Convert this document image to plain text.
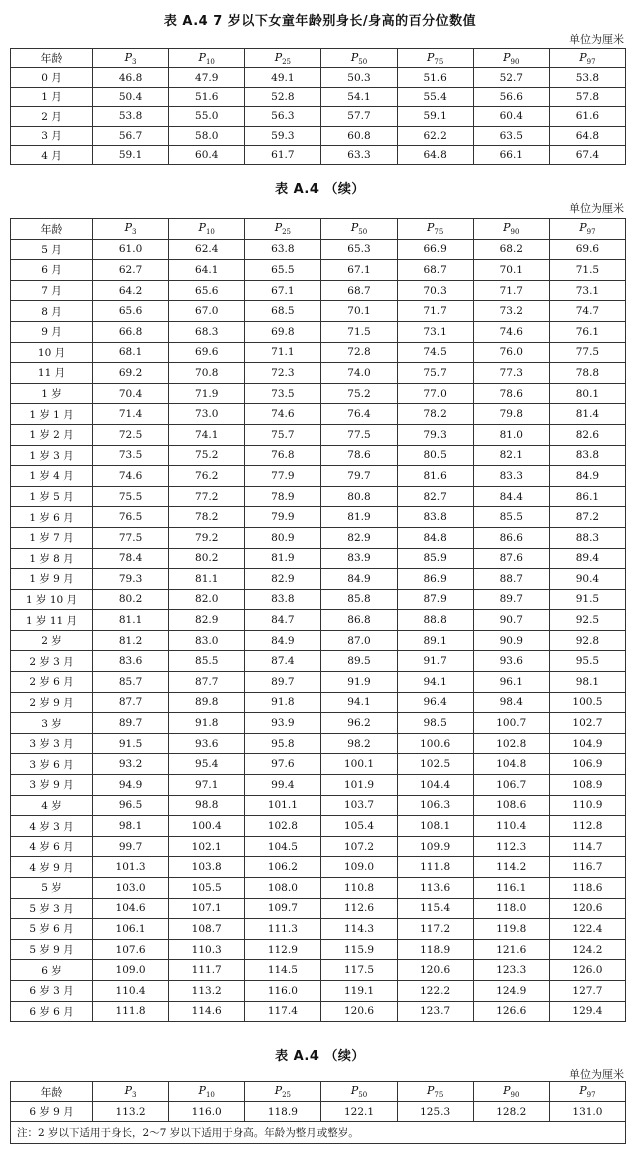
表 A.4 7 岁以下女童年龄别身长/身高的百分位数值
单位为厘米
年龄	$P_3$	$P_{10}$	$P_{25}$	$P_{50}$	$P_{75}$	$P_{90}$	$P_{97}$
0 月	46.8	47.9	49.1	50.3	51.6	52.7	53.8
1 月	50.4	51.6	52.8	54.1	55.4	56.6	57.8
2 月	53.8	55.0	56.3	57.7	59.1	60.4	61.6
3 月	56.7	58.0	59.3	60.8	62.2	63.5	64.8
4 月	59.1	60.4	61.7	63.3	64.8	66.1	67.4
表 A.4 （续）
单位为厘米
年龄	$P_3$	$P_{10}$	$P_{25}$	$P_{50}$	$P_{75}$	$P_{90}$	$P_{97}$
5 月	61.0	62.4	63.8	65.3	66.9	68.2	69.6
6 月	62.7	64.1	65.5	67.1	68.7	70.1	71.5
7 月	64.2	65.6	67.1	68.7	70.3	71.7	73.1
8 月	65.6	67.0	68.5	70.1	71.7	73.2	74.7
9 月	66.8	68.3	69.8	71.5	73.1	74.6	76.1
10 月	68.1	69.6	71.1	72.8	74.5	76.0	77.5
11 月	69.2	70.8	72.3	74.0	75.7	77.3	78.8
1 岁	70.4	71.9	73.5	75.2	77.0	78.6	80.1
1 岁 1 月	71.4	73.0	74.6	76.4	78.2	79.8	81.4
1 岁 2 月	72.5	74.1	75.7	77.5	79.3	81.0	82.6
1 岁 3 月	73.5	75.2	76.8	78.6	80.5	82.1	83.8
1 岁 4 月	74.6	76.2	77.9	79.7	81.6	83.3	84.9
1 岁 5 月	75.5	77.2	78.9	80.8	82.7	84.4	86.1
1 岁 6 月	76.5	78.2	79.9	81.9	83.8	85.5	87.2
1 岁 7 月	77.5	79.2	80.9	82.9	84.8	86.6	88.3
1 岁 8 月	78.4	80.2	81.9	83.9	85.9	87.6	89.4
1 岁 9 月	79.3	81.1	82.9	84.9	86.9	88.7	90.4
1 岁 10 月	80.2	82.0	83.8	85.8	87.9	89.7	91.5
1 岁 11 月	81.1	82.9	84.7	86.8	88.8	90.7	92.5
2 岁	81.2	83.0	84.9	87.0	89.1	90.9	92.8
2 岁 3 月	83.6	85.5	87.4	89.5	91.7	93.6	95.5
2 岁 6 月	85.7	87.7	89.7	91.9	94.1	96.1	98.1
2 岁 9 月	87.7	89.8	91.8	94.1	96.4	98.4	100.5
3 岁	89.7	91.8	93.9	96.2	98.5	100.7	102.7
3 岁 3 月	91.5	93.6	95.8	98.2	100.6	102.8	104.9
3 岁 6 月	93.2	95.4	97.6	100.1	102.5	104.8	106.9
3 岁 9 月	94.9	97.1	99.4	101.9	104.4	106.7	108.9
4 岁	96.5	98.8	101.1	103.7	106.3	108.6	110.9
4 岁 3 月	98.1	100.4	102.8	105.4	108.1	110.4	112.8
4 岁 6 月	99.7	102.1	104.5	107.2	109.9	112.3	114.7
4 岁 9 月	101.3	103.8	106.2	109.0	111.8	114.2	116.7
5 岁	103.0	105.5	108.0	110.8	113.6	116.1	118.6
5 岁 3 月	104.6	107.1	109.7	112.6	115.4	118.0	120.6
5 岁 6 月	106.1	108.7	111.3	114.3	117.2	119.8	122.4
5 岁 9 月	107.6	110.3	112.9	115.9	118.9	121.6	124.2
6 岁	109.0	111.7	114.5	117.5	120.6	123.3	126.0
6 岁 3 月	110.4	113.2	116.0	119.1	122.2	124.9	127.7
6 岁 6 月	111.8	114.6	117.4	120.6	123.7	126.6	129.4
表 A.4 （续）
单位为厘米
年龄	$P_3$	$P_{10}$	$P_{25}$	$P_{50}$	$P_{75}$	$P_{90}$	$P_{97}$
6 岁 9 月	113.2	116.0	118.9	122.1	125.3	128.2	131.0
注：2 岁以下适用于身长，2～7 岁以下适用于身高。年龄为整月或整岁。							
